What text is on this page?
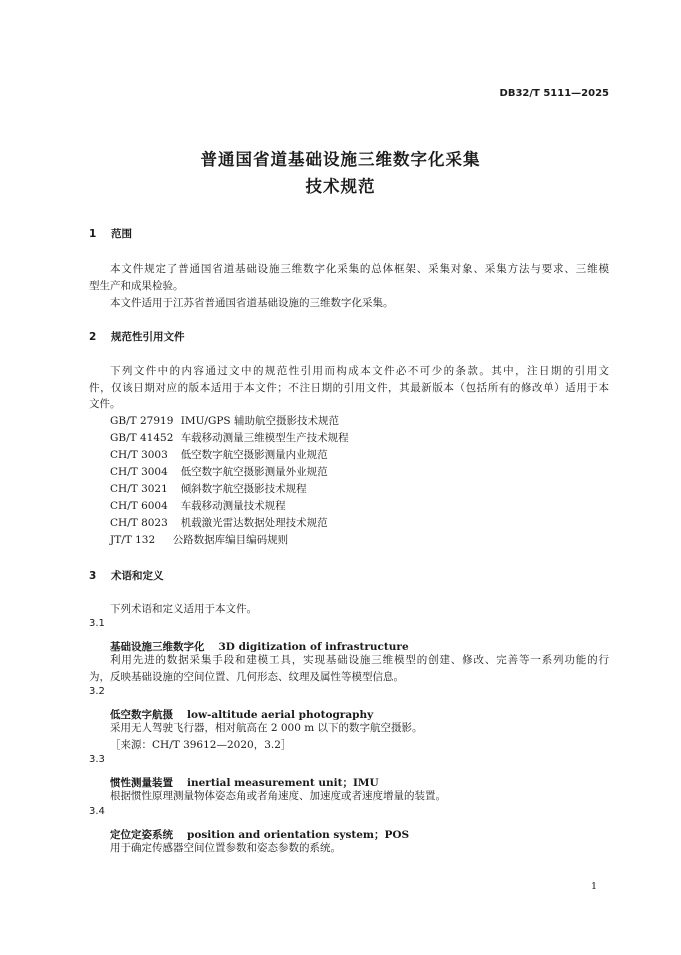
DB32/T 5111—2025
普通国省道基础设施三维数字化采集
技术规范
1 范围
本文件规定了普通国省道基础设施三维数字化采集的总体框架、采集对象、采集方法与要求、三维模
型生产和成果检验。
本文件适用于江苏省普通国省道基础设施的三维数字化采集。
2 规范性引用文件
下列文件中的内容通过文中的规范性引用而构成本文件必不可少的条款。其中，注日期的引用文
件，仅该日期对应的版本适用于本文件；不注日期的引用文件，其最新版本（包括所有的修改单）适用于本
文件。
GB/T 27919 IMU/GPS 辅助航空摄影技术规范
GB/T 41452 车载移动测量三维模型生产技术规程
CH/T 3003 低空数字航空摄影测量内业规范
CH/T 3004 低空数字航空摄影测量外业规范
CH/T 3021 倾斜数字航空摄影技术规程
CH/T 6004 车载移动测量技术规程
CH/T 8023 机载激光雷达数据处理技术规范
JT/T 132 公路数据库编目编码规则
3 术语和定义
下列术语和定义适用于本文件。
3.1
基础设施三维数字化 3D digitization of infrastructure
利用先进的数据采集手段和建模工具，实现基础设施三维模型的创建、修改、完善等一系列功能的行
为，反映基础设施的空间位置、几何形态、纹理及属性等模型信息。
3.2
低空数字航摄 low-altitude aerial photography
采用无人驾驶飞行器，相对航高在 2 000 m 以下的数字航空摄影。
［来源：CH/T 39612—2020，3.2］
3.3
惯性测量装置 inertial measurement unit；IMU
根据惯性原理测量物体姿态角或者角速度、加速度或者速度增量的装置。
3.4
定位定姿系统 position and orientation system；POS
用于确定传感器空间位置参数和姿态参数的系统。
1
